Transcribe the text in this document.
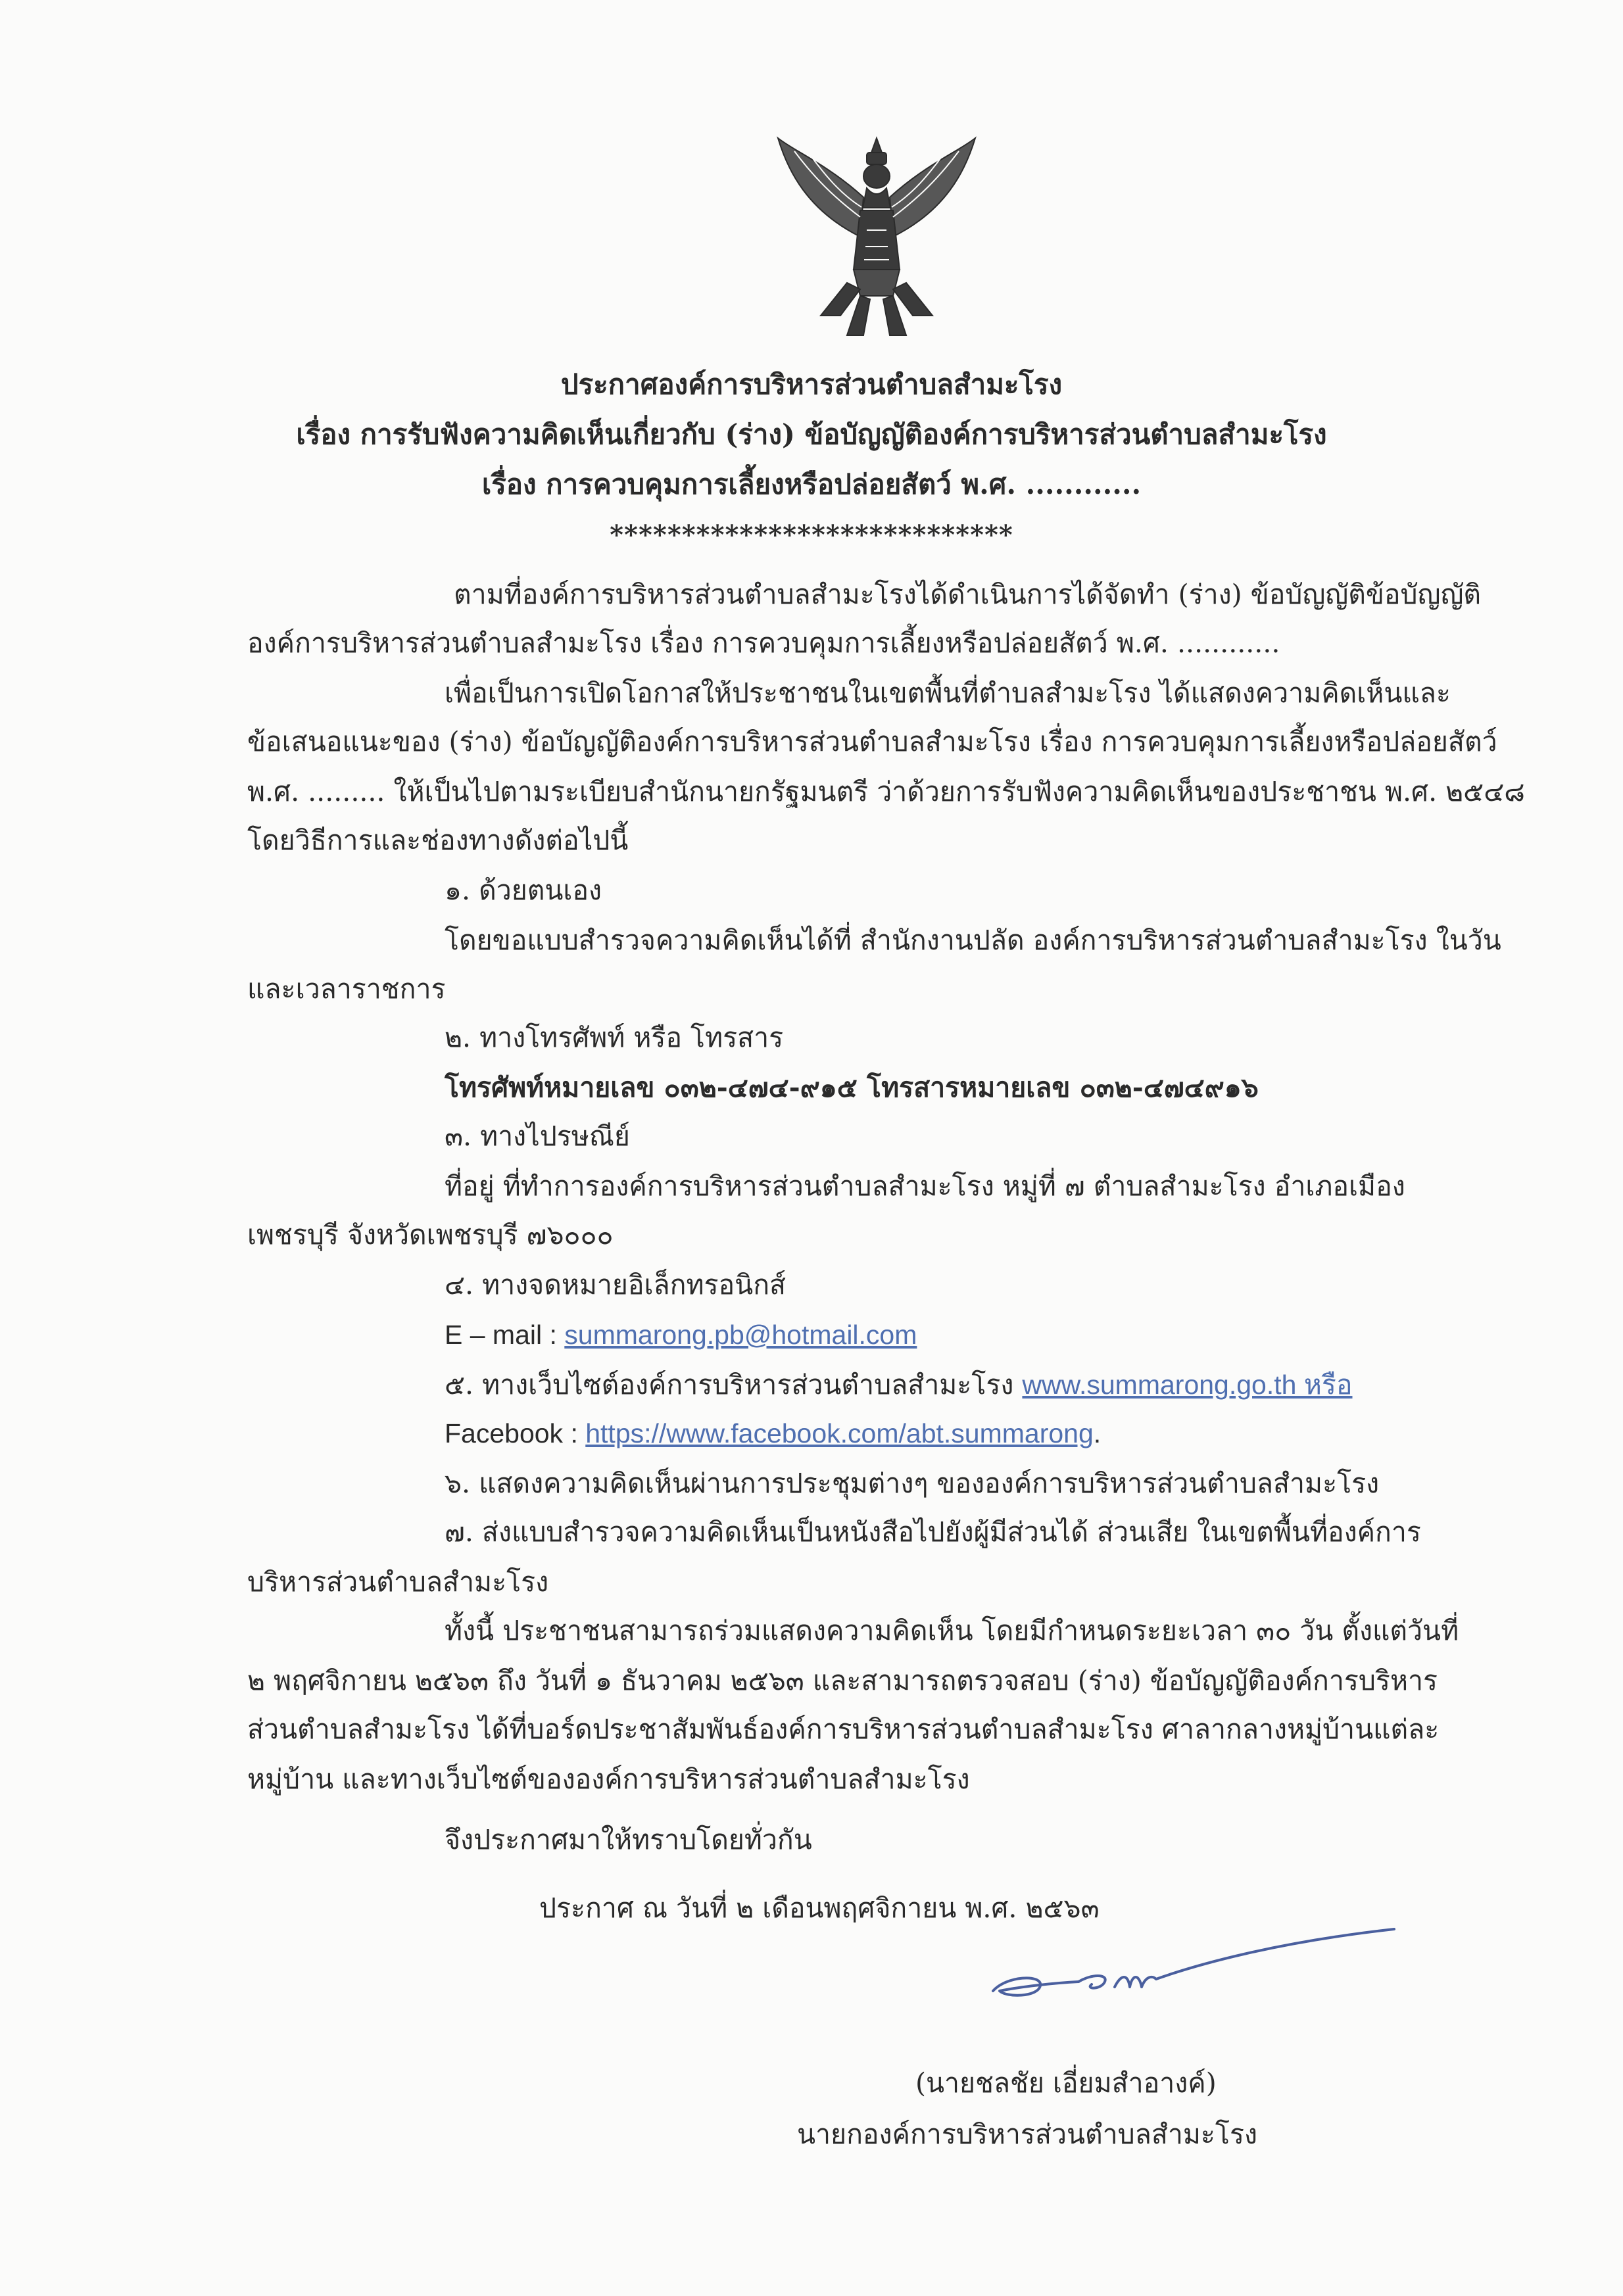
ประกาศองค์การบริหารส่วนตำบลสำมะโรง
เรื่อง การรับฟังความคิดเห็นเกี่ยวกับ (ร่าง) ข้อบัญญัติองค์การบริหารส่วนตำบลสำมะโรง
เรื่อง การควบคุมการเลี้ยงหรือปล่อยสัตว์ พ.ศ. ............
****************************
ตามที่องค์การบริหารส่วนตำบลสำมะโรงได้ดำเนินการได้จัดทำ (ร่าง) ข้อบัญญัติข้อบัญญัติ
องค์การบริหารส่วนตำบลสำมะโรง เรื่อง การควบคุมการเลี้ยงหรือปล่อยสัตว์ พ.ศ. ............
เพื่อเป็นการเปิดโอกาสให้ประชาชนในเขตพื้นที่ตำบลสำมะโรง ได้แสดงความคิดเห็นและ
ข้อเสนอแนะของ (ร่าง) ข้อบัญญัติองค์การบริหารส่วนตำบลสำมะโรง เรื่อง การควบคุมการเลี้ยงหรือปล่อยสัตว์
พ.ศ. ......... ให้เป็นไปตามระเบียบสำนักนายกรัฐมนตรี ว่าด้วยการรับฟังความคิดเห็นของประชาชน พ.ศ. ๒๕๔๘
โดยวิธีการและช่องทางดังต่อไปนี้
๑. ด้วยตนเอง
โดยขอแบบสำรวจความคิดเห็นได้ที่ สำนักงานปลัด องค์การบริหารส่วนตำบลสำมะโรง ในวัน
และเวลาราชการ
๒. ทางโทรศัพท์ หรือ โทรสาร
โทรศัพท์หมายเลข ๐๓๒-๔๗๔-๙๑๕ โทรสารหมายเลข ๐๓๒-๔๗๔๙๑๖
๓. ทางไปรษณีย์
ที่อยู่ ที่ทำการองค์การบริหารส่วนตำบลสำมะโรง หมู่ที่ ๗ ตำบลสำมะโรง อำเภอเมือง
เพชรบุรี จังหวัดเพชรบุรี ๗๖๐๐๐
๔. ทางจดหมายอิเล็กทรอนิกส์
E – mail : summarong.pb@hotmail.com
๕. ทางเว็บไซต์องค์การบริหารส่วนตำบลสำมะโรง www.summarong.go.th หรือ
Facebook : https://www.facebook.com/abt.summarong.
๖. แสดงความคิดเห็นผ่านการประชุมต่างๆ ขององค์การบริหารส่วนตำบลสำมะโรง
๗. ส่งแบบสำรวจความคิดเห็นเป็นหนังสือไปยังผู้มีส่วนได้ ส่วนเสีย ในเขตพื้นที่องค์การ
บริหารส่วนตำบลสำมะโรง
ทั้งนี้ ประชาชนสามารถร่วมแสดงความคิดเห็น โดยมีกำหนดระยะเวลา ๓๐ วัน ตั้งแต่วันที่
๒ พฤศจิกายน ๒๕๖๓ ถึง วันที่ ๑ ธันวาคม ๒๕๖๓ และสามารถตรวจสอบ (ร่าง) ข้อบัญญัติองค์การบริหาร
ส่วนตำบลสำมะโรง ได้ที่บอร์ดประชาสัมพันธ์องค์การบริหารส่วนตำบลสำมะโรง ศาลากลางหมู่บ้านแต่ละ
หมู่บ้าน และทางเว็บไซต์ขององค์การบริหารส่วนตำบลสำมะโรง
จึงประกาศมาให้ทราบโดยทั่วกัน
ประกาศ ณ วันที่ ๒ เดือนพฤศจิกายน พ.ศ. ๒๕๖๓
(นายชลชัย เอี่ยมสำอางค์)
นายกองค์การบริหารส่วนตำบลสำมะโรง
